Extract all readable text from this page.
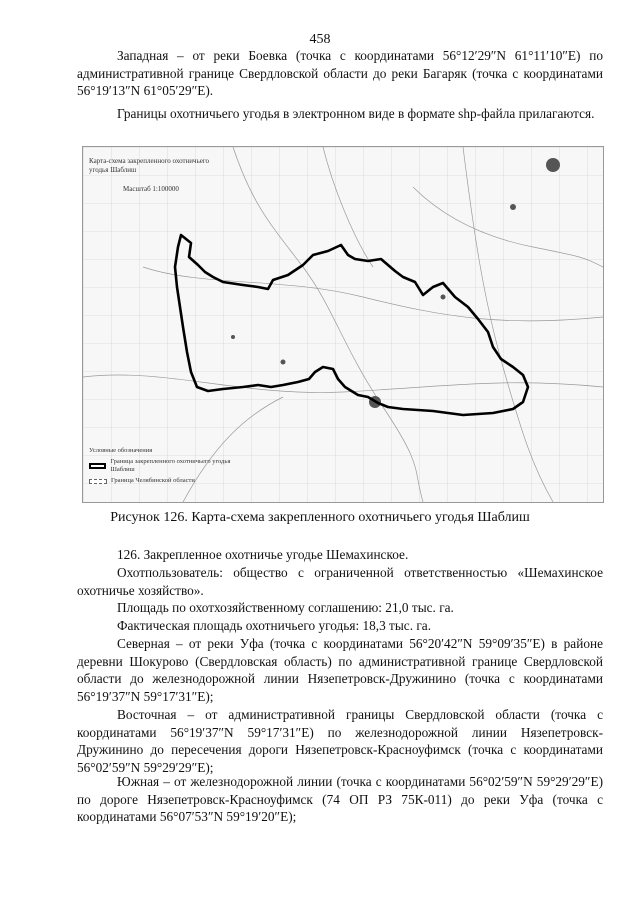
458

Западная – от реки Боевка (точка с координатами 56°12′29″N 61°11′10″E) по административной границе Свердловской области до реки Багаряк (точка с координатами 56°19′13″N 61°05′29″E).

Границы охотничьего угодья в электронном виде в формате shp-файла прилагаются.

Карта-схема закрепленного охотничьего угодья Шаблиш
Масштаб 1:100000
Условные обозначения
Граница закрепленного охотничьего угодья Шаблиш
Граница Челябинской области
Рисунок 126. Карта-схема закрепленного охотничьего угодья Шаблиш

126. Закрепленное охотничье угодье Шемахинское.

Охотпользователь: общество с ограниченной ответственностью «Шемахинское охотничье хозяйство».

Площадь по охотхозяйственному соглашению: 21,0 тыс. га.

Фактическая площадь охотничьего угодья: 18,3 тыс. га.

Северная – от реки Уфа (точка с координатами 56°20′42″N 59°09′35″E) в районе деревни Шокурово (Свердловская область) по административной границе Свердловской области до железнодорожной линии Нязепетровск-Дружинино (точка с координатами 56°19′37″N 59°17′31″E);

Восточная – от административной границы Свердловской области (точка с координатами 56°19′37″N 59°17′31″E) по железнодорожной линии Нязепетровск-Дружинино до пересечения дороги Нязепетровск-Красноуфимск (точка с координатами 56°02′59″N 59°29′29″E);

Южная – от железнодорожной линии (точка с координатами 56°02′59″N 59°29′29″E) по дороге Нязепетровск-Красноуфимск (74 ОП РЗ 75К-011) до реки Уфа (точка с координатами 56°07′53″N 59°19′20″E);
